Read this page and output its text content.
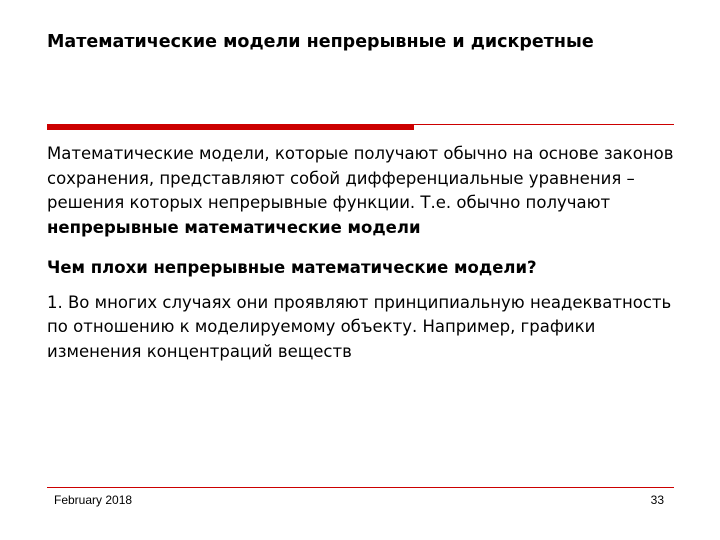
Математические модели непрерывные и дискретные

Математические модели, которые получают обычно на основе законов сохранения, представляют собой дифференциальные уравнения – решения которых непрерывные функции. Т.е. обычно получают непрерывные математические модели

Чем плохи непрерывные математические модели?

1. Во многих случаях они проявляют принципиальную неадекватность по отношению к моделируемому объекту. Например, графики изменения концентраций веществ

February 2018	33
